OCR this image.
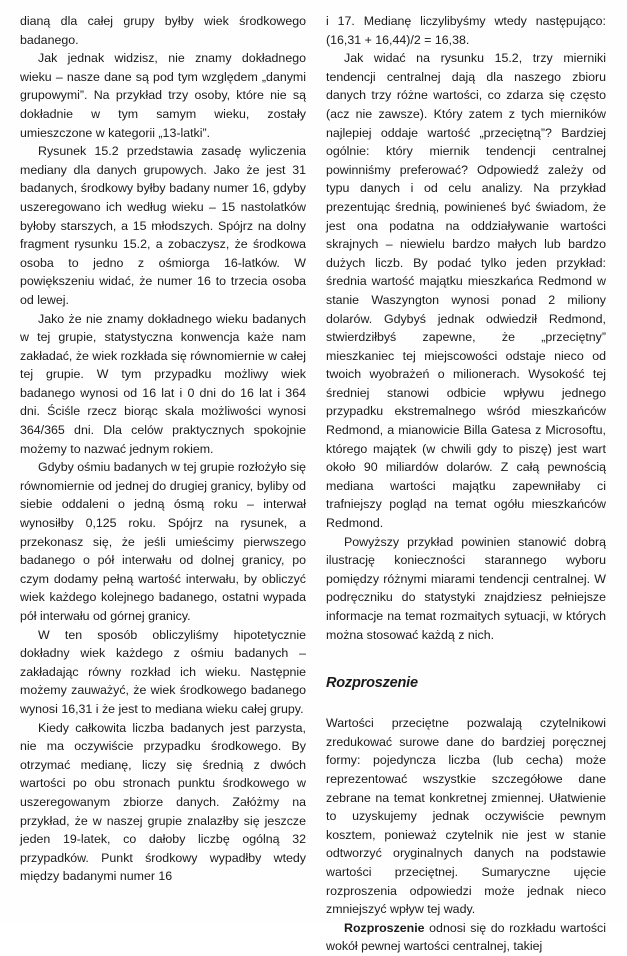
dianą dla całej grupy byłby wiek środkowego badanego.

Jak jednak widzisz, nie znamy dokładnego wieku – nasze dane są pod tym względem „danymi grupowymi”. Na przykład trzy osoby, które nie są dokładnie w tym samym wieku, zostały umieszczone w kategorii „13-latki”.

Rysunek 15.2 przedstawia zasadę wyliczenia mediany dla danych grupowych. Jako że jest 31 badanych, środkowy byłby badany numer 16, gdyby uszeregowano ich według wieku – 15 nastolatków byłoby starszych, a 15 młodszych. Spójrz na dolny fragment rysunku 15.2, a zobaczysz, że środkowa osoba to jedno z ośmiorga 16-latków. W powiększeniu widać, że numer 16 to trzecia osoba od lewej.

Jako że nie znamy dokładnego wieku badanych w tej grupie, statystyczna konwencja każe nam zakładać, że wiek rozkłada się równomiernie w całej tej grupie. W tym przypadku możliwy wiek badanego wynosi od 16 lat i 0 dni do 16 lat i 364 dni. Ściśle rzecz biorąc skala możliwości wynosi 364/365 dni. Dla celów praktycznych spokojnie możemy to nazwać jednym rokiem.

Gdyby ośmiu badanych w tej grupie rozłożyło się równomiernie od jednej do drugiej granicy, byliby od siebie oddaleni o jedną ósmą roku – interwał wynosiłby 0,125 roku. Spójrz na rysunek, a przekonasz się, że jeśli umieścimy pierwszego badanego o pół interwału od dolnej granicy, po czym dodamy pełną wartość interwału, by obliczyć wiek każdego kolejnego badanego, ostatni wypada pół interwału od górnej granicy.

W ten sposób obliczyliśmy hipotetycznie dokładny wiek każdego z ośmiu badanych – zakładając równy rozkład ich wieku. Następnie możemy zauważyć, że wiek środkowego badanego wynosi 16,31 i że jest to mediana wieku całej grupy.

Kiedy całkowita liczba badanych jest parzysta, nie ma oczywiście przypadku środkowego. By otrzymać medianę, liczy się średnią z dwóch wartości po obu stronach punktu środkowego w uszeregowanym zbiorze danych. Załóżmy na przykład, że w naszej grupie znalazłby się jeszcze jeden 19-latek, co dałoby liczbę ogólną 32 przypadków. Punkt środkowy wypadłby wtedy między badanymi numer 16

i 17. Medianę liczylibyśmy wtedy następująco: (16,31 + 16,44)/2 = 16,38.

Jak widać na rysunku 15.2, trzy mierniki tendencji centralnej dają dla naszego zbioru danych trzy różne wartości, co zdarza się często (acz nie zawsze). Który zatem z tych mierników najlepiej oddaje wartość „przeciętną”? Bardziej ogólnie: który miernik tendencji centralnej powinniśmy preferować? Odpowiedź zależy od typu danych i od celu analizy. Na przykład prezentując średnią, powinieneś być świadom, że jest ona podatna na oddziaływanie wartości skrajnych – niewielu bardzo małych lub bardzo dużych liczb. By podać tylko jeden przykład: średnia wartość majątku mieszkańca Redmond w stanie Waszyngton wynosi ponad 2 miliony dolarów. Gdybyś jednak odwiedził Redmond, stwierdziłbyś zapewne, że „przeciętny” mieszkaniec tej miejscowości odstaje nieco od twoich wyobrażeń o milionerach. Wysokość tej średniej stanowi odbicie wpływu jednego przypadku ekstremalnego wśród mieszkańców Redmond, a mianowicie Billa Gatesa z Microsoftu, którego majątek (w chwili gdy to piszę) jest wart około 90 miliardów dolarów. Z całą pewnością mediana wartości majątku zapewniłaby ci trafniejszy pogląd na temat ogółu mieszkańców Redmond.

Powyższy przykład powinien stanowić dobrą ilustrację konieczności starannego wyboru pomiędzy różnymi miarami tendencji centralnej. W podręczniku do statystyki znajdziesz pełniejsze informacje na temat rozmaitych sytuacji, w których można stosować każdą z nich.

Rozproszenie

Wartości przeciętne pozwalają czytelnikowi zredukować surowe dane do bardziej poręcznej formy: pojedyncza liczba (lub cecha) może reprezentować wszystkie szczegółowe dane zebrane na temat konkretnej zmiennej. Ułatwienie to uzyskujemy jednak oczywiście pewnym kosztem, ponieważ czytelnik nie jest w stanie odtworzyć oryginalnych danych na podstawie wartości przeciętnej. Sumaryczne ujęcie rozproszenia odpowiedzi może jednak nieco zmniejszyć wpływ tej wady.

Rozproszenie odnosi się do rozkładu wartości wokół pewnej wartości centralnej, takiej
